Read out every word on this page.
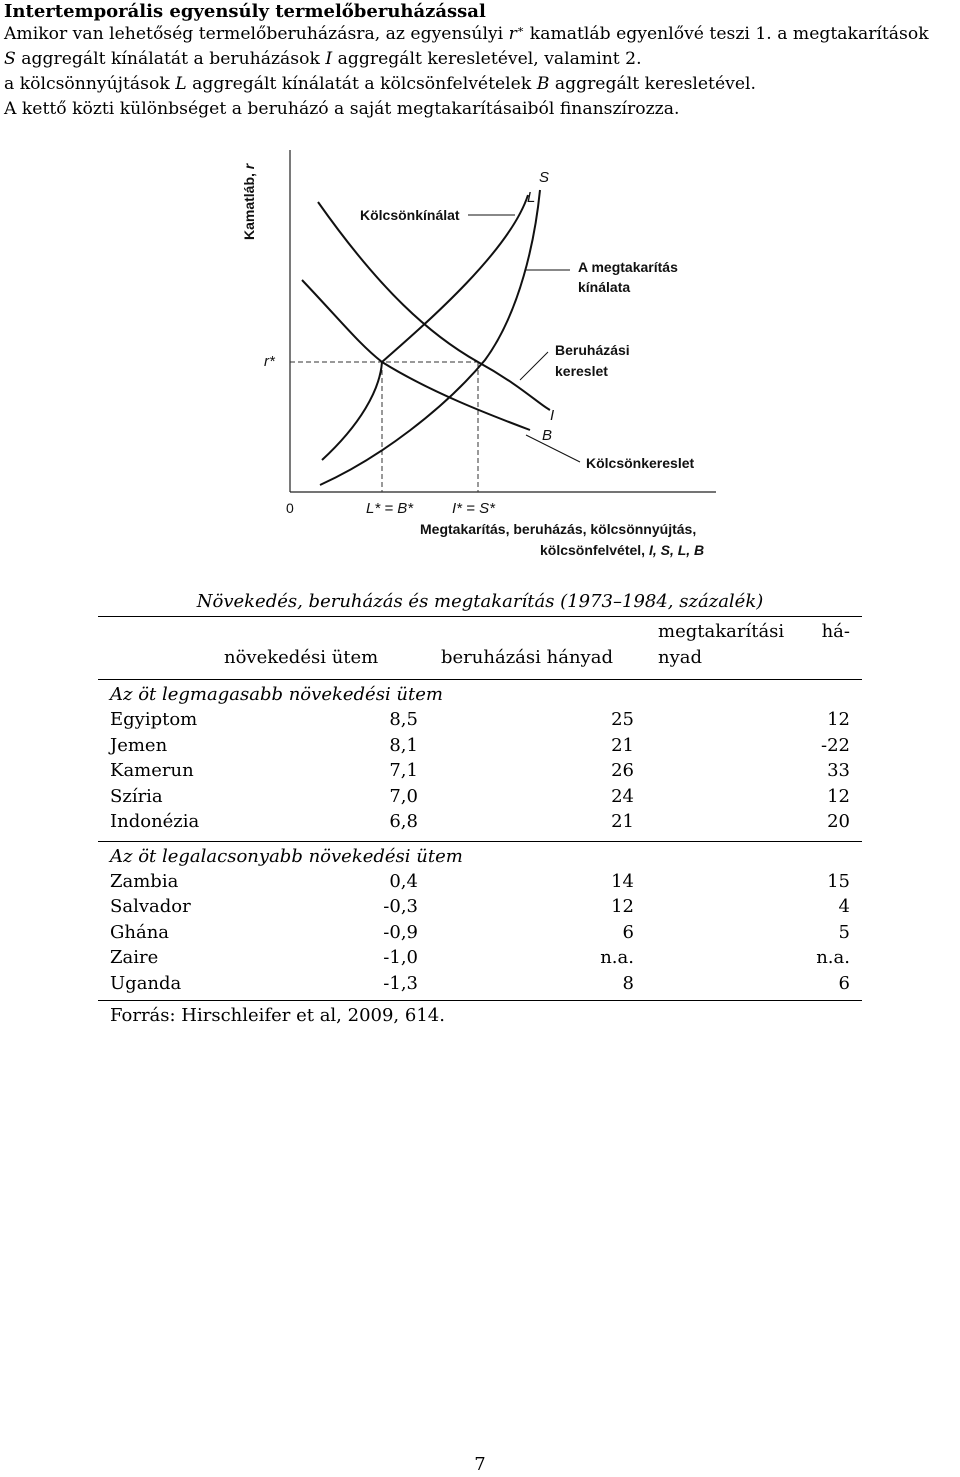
Intertemporális egyensúly termelőberuházással
Amikor van lehetőség termelőberuházásra, az egyensúlyi r∗ kamatláb egyenlővé teszi 1. a megtakarítások
S aggregált kínálatát a beruházások I aggregált keresletével, valamint 2.
a kölcsönnyújtások L aggregált kínálatát a kölcsönfelvételek B aggregált keresletével.
A kettő közti különbséget a beruházó a saját megtakarításaiból finanszírozza.
Kamatláb, r
Kölcsönkínálat
S
L
A megtakarítás
kínálata
r*
Beruházási
kereslet
I
B
Kölcsönkereslet
0	L* = B*	I* = S*
Megtakarítás, beruházás, kölcsönnyújtás,
kölcsönfelvétel, I, S, L, B
Növekedés, beruházás és megtakarítás (1973–1984, százalék)
növekedési ütem	beruházási hányad
megtakarítási há-
nyad
Az öt legmagasabb növekedési ütem
Egyiptom	8,5	25	12
Jemen	8,1	21	-22
Kamerun	7,1	26	33
Szíria	7,0	24	12
Indonézia	6,8	21	20
Az öt legalacsonyabb növekedési ütem
Zambia	0,4	14	15
Salvador	-0,3	12	4
Ghána	-0,9	6	5
Zaire	-1,0	n.a.	n.a.
Uganda	-1,3	8	6
Forrás: Hirschleifer et al, 2009, 614.
7
